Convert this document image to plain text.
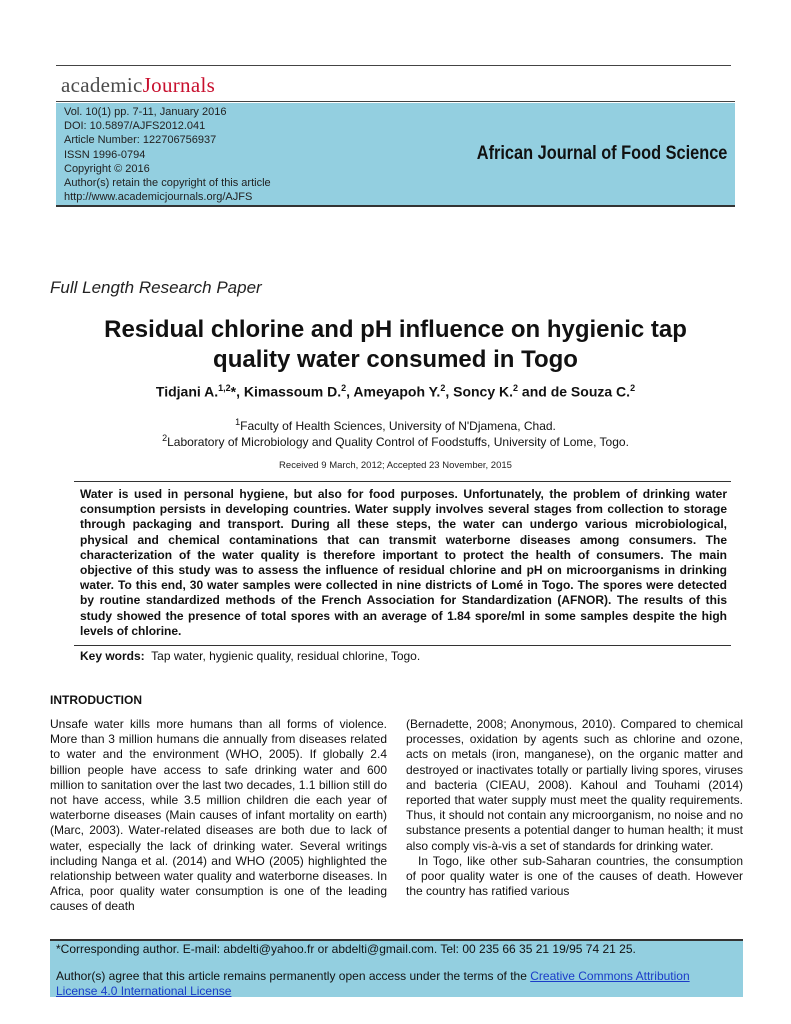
academicJournals
Vol. 10(1) pp. 7-11, January 2016
DOI: 10.5897/AJFS2012.041
Article Number: 122706756937
ISSN 1996-0794
Copyright © 2016
Author(s) retain the copyright of this article
http://www.academicjournals.org/AJFS
African Journal of Food Science
Full Length Research Paper
Residual chlorine and pH influence on hygienic tap
quality water consumed in Togo
Tidjani A.$^{1,2}$*, Kimassoum D.$^2$, Ameyapoh Y.$^2$, Soncy K.$^2$ and de Souza C.$^2$
$^1$Faculty of Health Sciences, University of N'Djamena, Chad.
$^2$Laboratory of Microbiology and Quality Control of Foodstuffs, University of Lome, Togo.
Received 9 March, 2012; Accepted 23 November, 2015
Water is used in personal hygiene, but also for food purposes. Unfortunately, the problem of drinking water consumption persists in developing countries. Water supply involves several stages from collection to storage through packaging and transport. During all these steps, the water can undergo various microbiological, physical and chemical contaminations that can transmit waterborne diseases among consumers. The characterization of the water quality is therefore important to protect the health of consumers. The main objective of this study was to assess the influence of residual chlorine and pH on microorganisms in drinking water. To this end, 30 water samples were collected in nine districts of Lomé in Togo. The spores were detected by routine standardized methods of the French Association for Standardization (AFNOR). The results of this study showed the presence of total spores with an average of 1.84 spore/ml in some samples despite the high levels of chlorine.
Key words: Tap water, hygienic quality, residual chlorine, Togo.
INTRODUCTION

Unsafe water kills more humans than all forms of violence. More than 3 million humans die annually from diseases related to water and the environment (WHO, 2005). If globally 2.4 billion people have access to safe drinking water and 600 million to sanitation over the last two decades, 1.1 billion still do not have access, while 3.5 million children die each year of waterborne diseases (Main causes of infant mortality on earth) (Marc, 2003). Water-related diseases are both due to lack of water, especially the lack of drinking water. Several writings including Nanga et al. (2014) and WHO (2005) highlighted the relationship between water quality and waterborne diseases. In Africa, poor quality water consumption is one of the leading causes of death

(Bernadette, 2008; Anonymous, 2010). Compared to chemical processes, oxidation by agents such as chlorine and ozone, acts on metals (iron, manganese), on the organic matter and destroyed or inactivates totally or partially living spores, viruses and bacteria (CIEAU, 2008). Kahoul and Touhami (2014) reported that water supply must meet the quality requirements. Thus, it should not contain any microorganism, no noise and no substance presents a potential danger to human health; it must also comply vis-à-vis a set of standards for drinking water.

In Togo, like other sub-Saharan countries, the consumption of poor quality water is one of the causes of death. However the country has ratified various

*Corresponding author. E-mail: abdelti@yahoo.fr or abdelti@gmail.com. Tel: 00 235 66 35 21 19/95 74 21 25.
Author(s) agree that this article remains permanently open access under the terms of the Creative Commons Attribution
License 4.0 International License
